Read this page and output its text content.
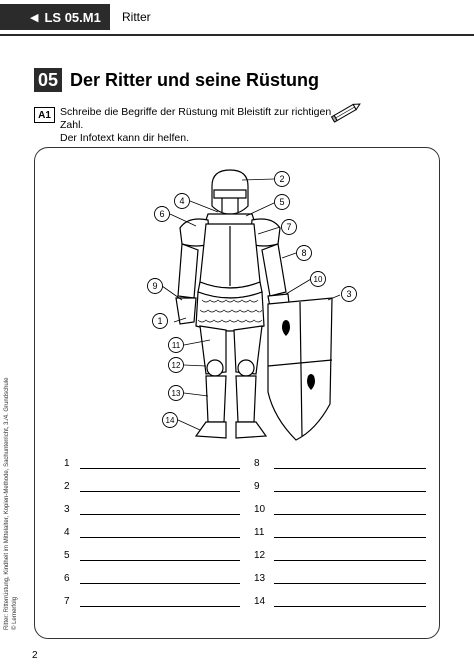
◀ LS 05.M1 Ritter
05 Der Ritter und seine Rüstung
A1 Schreibe die Begriffe der Rüstung mit Bleistift zur richtigen Zahl.
Der Infotext kann dir helfen.
1
2
3
4	5
6
7
8
9
10
11
12
13
14
1
2
3
4
5
6
7
8
9
10
11
12
13
14
Ritter: Ritterrüstung, Kindheit im Mittelalter, Kopien-Methode, Sachunterricht, 3./4. Grundschule © Lernerfolg
2
